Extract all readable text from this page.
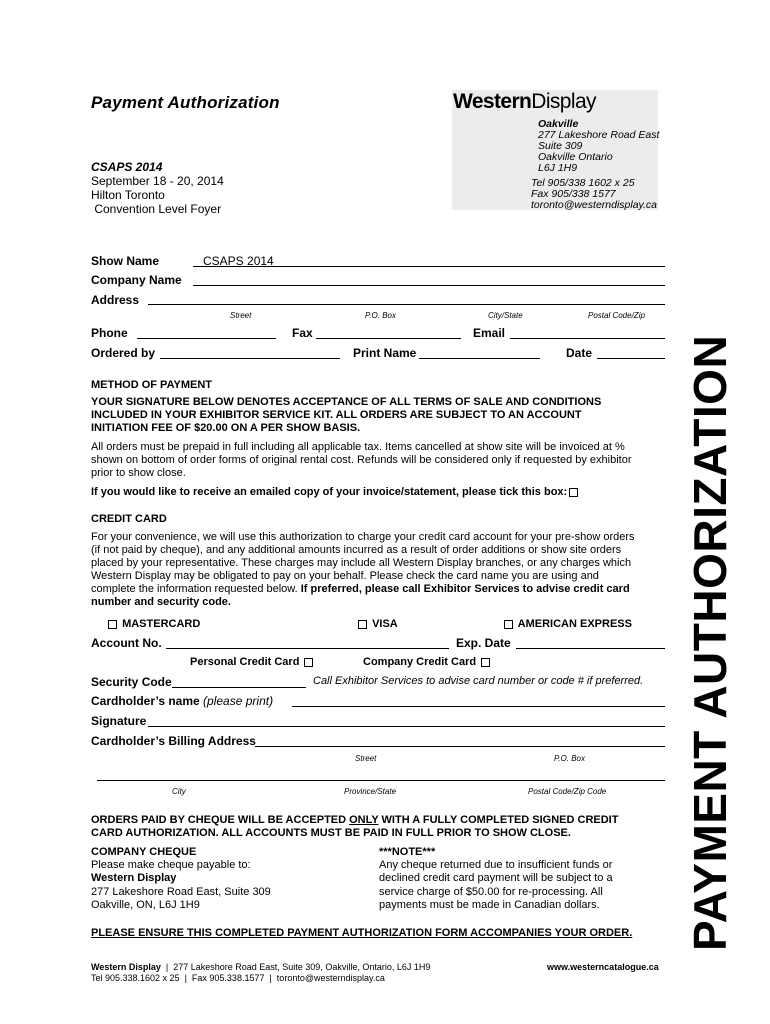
Payment Authorization	WesternDisplay
Oakville
277 Lakeshore Road East
Suite 309
Oakville Ontario
L6J 1H9
Tel 905/338 1602 x 25
Fax 905/338 1577
toronto@westerndisplay.ca
CSAPS 2014
September 18 - 20, 2014
Hilton Toronto
Convention Level Foyer
Show Name	CSAPS 2014
Company Name
Address
Street	P.O. Box	City/State	Postal Code/Zip
Phone	Fax	Email
Ordered by	Print Name	Date
METHOD OF PAYMENT
YOUR SIGNATURE BELOW DENOTES ACCEPTANCE OF ALL TERMS OF SALE AND CONDITIONS
INCLUDED IN YOUR EXHIBITOR SERVICE KIT. ALL ORDERS ARE SUBJECT TO AN ACCOUNT
INITIATION FEE OF $20.00 ON A PER SHOW BASIS.
All orders must be prepaid in full including all applicable tax. Items cancelled at show site will be invoiced at %
shown on bottom of order forms of original rental cost. Refunds will be considered only if requested by exhibitor
prior to show close.
If you would like to receive an emailed copy of your invoice/statement, please tick this box:
CREDIT CARD
For your convenience, we will use this authorization to charge your credit card account for your pre-show orders
(if not paid by cheque), and any additional amounts incurred as a result of order additions or show site orders
placed by your representative. These charges may include all Western Display branches, or any charges which
Western Display may be obligated to pay on your behalf. Please check the card name you are using and
complete the information requested below. If preferred, please call Exhibitor Services to advise credit card
number and security code.
MASTERCARD	VISA	AMERICAN EXPRESS
Account No.	Exp. Date
Personal Credit Card	Company Credit Card
Security Code	Call Exhibitor Services to advise card number or code # if preferred.
Cardholder’s name (please print)
Signature
Cardholder’s Billing Address
Street	P.O. Box
City	Province/State	Postal Code/Zip Code
ORDERS PAID BY CHEQUE WILL BE ACCEPTED ONLY WITH A FULLY COMPLETED SIGNED CREDIT
CARD AUTHORIZATION. ALL ACCOUNTS MUST BE PAID IN FULL PRIOR TO SHOW CLOSE.
COMPANY CHEQUE
Please make cheque payable to:
Western Display
277 Lakeshore Road East, Suite 309
Oakville, ON, L6J 1H9
***NOTE***
Any cheque returned due to insufficient funds or
declined credit card payment will be subject to a
service charge of $50.00 for re-processing. All
payments must be made in Canadian dollars.
PLEASE ENSURE THIS COMPLETED PAYMENT AUTHORIZATION FORM ACCOMPANIES YOUR ORDER.
Western Display  |  277 Lakeshore Road East, Suite 309, Oakville, Ontario, L6J 1H9
Tel 905.338.1602 x 25  |  Fax 905.338.1577  |  toronto@westerndisplay.ca
www.westerncatalogue.ca
PAYMENT AUTHORIZATION
